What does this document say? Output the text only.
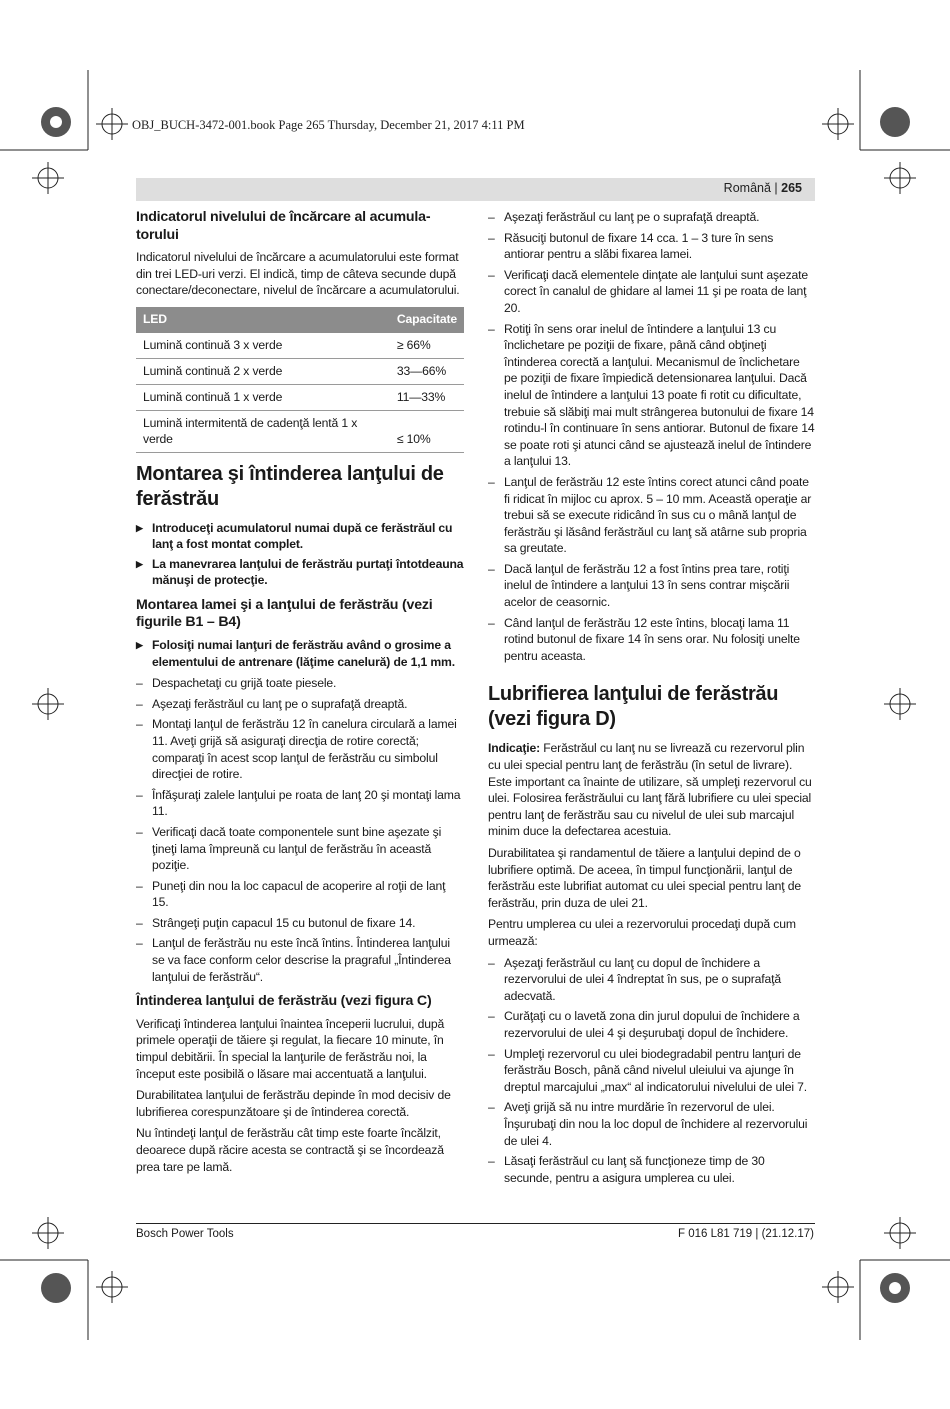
OBJ_BUCH-3472-001.book Page 265 Thursday, December 21, 2017 4:11 PM
Română | 265
Indicatorul nivelului de încărcare al acumula- torului

Indicatorul nivelului de încărcare a acumulatorului este format din trei LED-uri verzi. El indică, timp de câteva secunde după conectare/deconectare, nivelul de încărcare a acumulatorului.

LED	Capacitate
Lumină continuă 3 x verde	≥ 66%
Lumină continuă 2 x verde	33—66%
Lumină continuă 1 x verde	11—33%
Lumină intermitentă de cadenţă lentă 1 x verde	≤ 10%
Montarea şi întinderea lanţului de ferăstrău
▶ Introduceţi acumulatorul numai după ce ferăstrăul cu lanţ a fost montat complet.
▶ La manevrarea lanţului de ferăstrău purtaţi întotdeauna mănuşi de protecţie.
Montarea lamei şi a lanţului de ferăstrău (vezi figurile B1 – B4)
▶ Folosiţi numai lanţuri de ferăstrău având o grosime a elementului de antrenare (lăţime canelură) de 1,1 mm.
– Despachetaţi cu grijă toate piesele.
– Aşezaţi ferăstrăul cu lanţ pe o suprafaţă dreaptă.
– Montaţi lanţul de ferăstrău 12 în canelura circulară a lamei 11. Aveţi grijă să asiguraţi direcţia de rotire corectă; comparaţi în acest scop lanţul de ferăstrău cu simbolul direcţiei de rotire.
– Înfăşuraţi zalele lanţului pe roata de lanţ 20 şi montaţi lama 11.
– Verificaţi dacă toate componentele sunt bine aşezate şi ţineţi lama împreună cu lanţul de ferăstrău în această poziţie.
– Puneţi din nou la loc capacul de acoperire al roţii de lanţ 15.
– Strângeţi puţin capacul 15 cu butonul de fixare 14.
– Lanţul de ferăstrău nu este încă întins. Întinderea lanţului se va face conform celor descrise la pragraful „Întinderea lanţului de ferăstrău“.
Întinderea lanţului de ferăstrău (vezi figura C)

Verificaţi întinderea lanţului înaintea începerii lucrului, după primele operaţii de tăiere şi regulat, la fiecare 10 minute, în timpul debitării. În special la lanţurile de ferăstrău noi, la început este posibilă o lăsare mai accentuată a lanţului.

Durabilitatea lanţului de ferăstrău depinde în mod decisiv de lubrifierea corespunzătoare şi de întinderea corectă.

Nu întindeţi lanţul de ferăstrău cât timp este foarte încălzit, deoarece după răcire acesta se contractă şi se încordează prea tare pe lamă.

– Aşezaţi ferăstrăul cu lanţ pe o suprafaţă dreaptă.
– Răsuciţi butonul de fixare 14 cca. 1 – 3 ture în sens antiorar pentru a slăbi fixarea lamei.
– Verificaţi dacă elementele dinţate ale lanţului sunt aşezate corect în canalul de ghidare al lamei 11 şi pe roata de lanţ 20.
– Rotiţi în sens orar inelul de întindere a lanţului 13 cu înclichetare pe poziţii de fixare, până când obţineţi întinderea corectă a lanţului. Mecanismul de înclichetare pe poziţii de fixare împiedică detensionarea lanţului. Dacă inelul de întindere a lanţului 13 poate fi rotit cu dificultate, trebuie să slăbiţi mai mult strângerea butonului de fixare 14 rotindu-l în continuare în sens antiorar. Butonul de fixare 14 se poate roti şi atunci când se ajustează inelul de întindere a lanţului 13.
– Lanţul de ferăstrău 12 este întins corect atunci când poate fi ridicat în mijloc cu aprox. 5 – 10 mm. Această operaţie ar trebui să se execute ridicând în sus cu o mână lanţul de ferăstrău şi lăsând ferăstrăul cu lanţ să atârne sub propria sa greutate.
– Dacă lanţul de ferăstrău 12 a fost întins prea tare, rotiţi inelul de întindere a lanţului 13 în sens contrar mişcării acelor de ceasornic.
– Când lanţul de ferăstrău 12 este întins, blocaţi lama 11 rotind butonul de fixare 14 în sens orar. Nu folosiţi unelte pentru aceasta.
Lubrifierea lanţului de ferăstrău (vezi figura D)

Indicaţie: Ferăstrăul cu lanţ nu se livrează cu rezervorul plin cu ulei special pentru lanţ de ferăstrău (în setul de livrare). Este important ca înainte de utilizare, să umpleţi rezervorul cu ulei. Folosirea ferăstrăului cu lanţ fără lubrifiere cu ulei special pentru lanţ de ferăstrău sau cu nivelul de ulei sub marcajul minim duce la defectarea acestuia.

Durabilitatea şi randamentul de tăiere a lanţului depind de o lubrifiere optimă. De aceea, în timpul funcţionării, lanţul de ferăstrău este lubrifiat automat cu ulei special pentru lanţ de ferăstrău, prin duza de ulei 21.

Pentru umplerea cu ulei a rezervorului procedaţi după cum urmează:

– Aşezaţi ferăstrăul cu lanţ cu dopul de închidere a rezervorului de ulei 4 îndreptat în sus, pe o suprafaţă adecvată.
– Curăţaţi cu o lavetă zona din jurul dopului de închidere a rezervorului de ulei 4 şi deşurubaţi dopul de închidere.
– Umpleţi rezervorul cu ulei biodegradabil pentru lanţuri de ferăstrău Bosch, până când nivelul uleiului va ajunge în dreptul marcajului „max“ al indicatorului nivelului de ulei 7.
– Aveţi grijă să nu intre murdărie în rezervorul de ulei. Înşurubaţi din nou la loc dopul de închidere al rezervorului de ulei 4.
– Lăsaţi ferăstrăul cu lanţ să funcţioneze timp de 30 secunde, pentru a asigura umplerea cu ulei.
Bosch Power Tools	F 016 L81 719 | (21.12.17)
